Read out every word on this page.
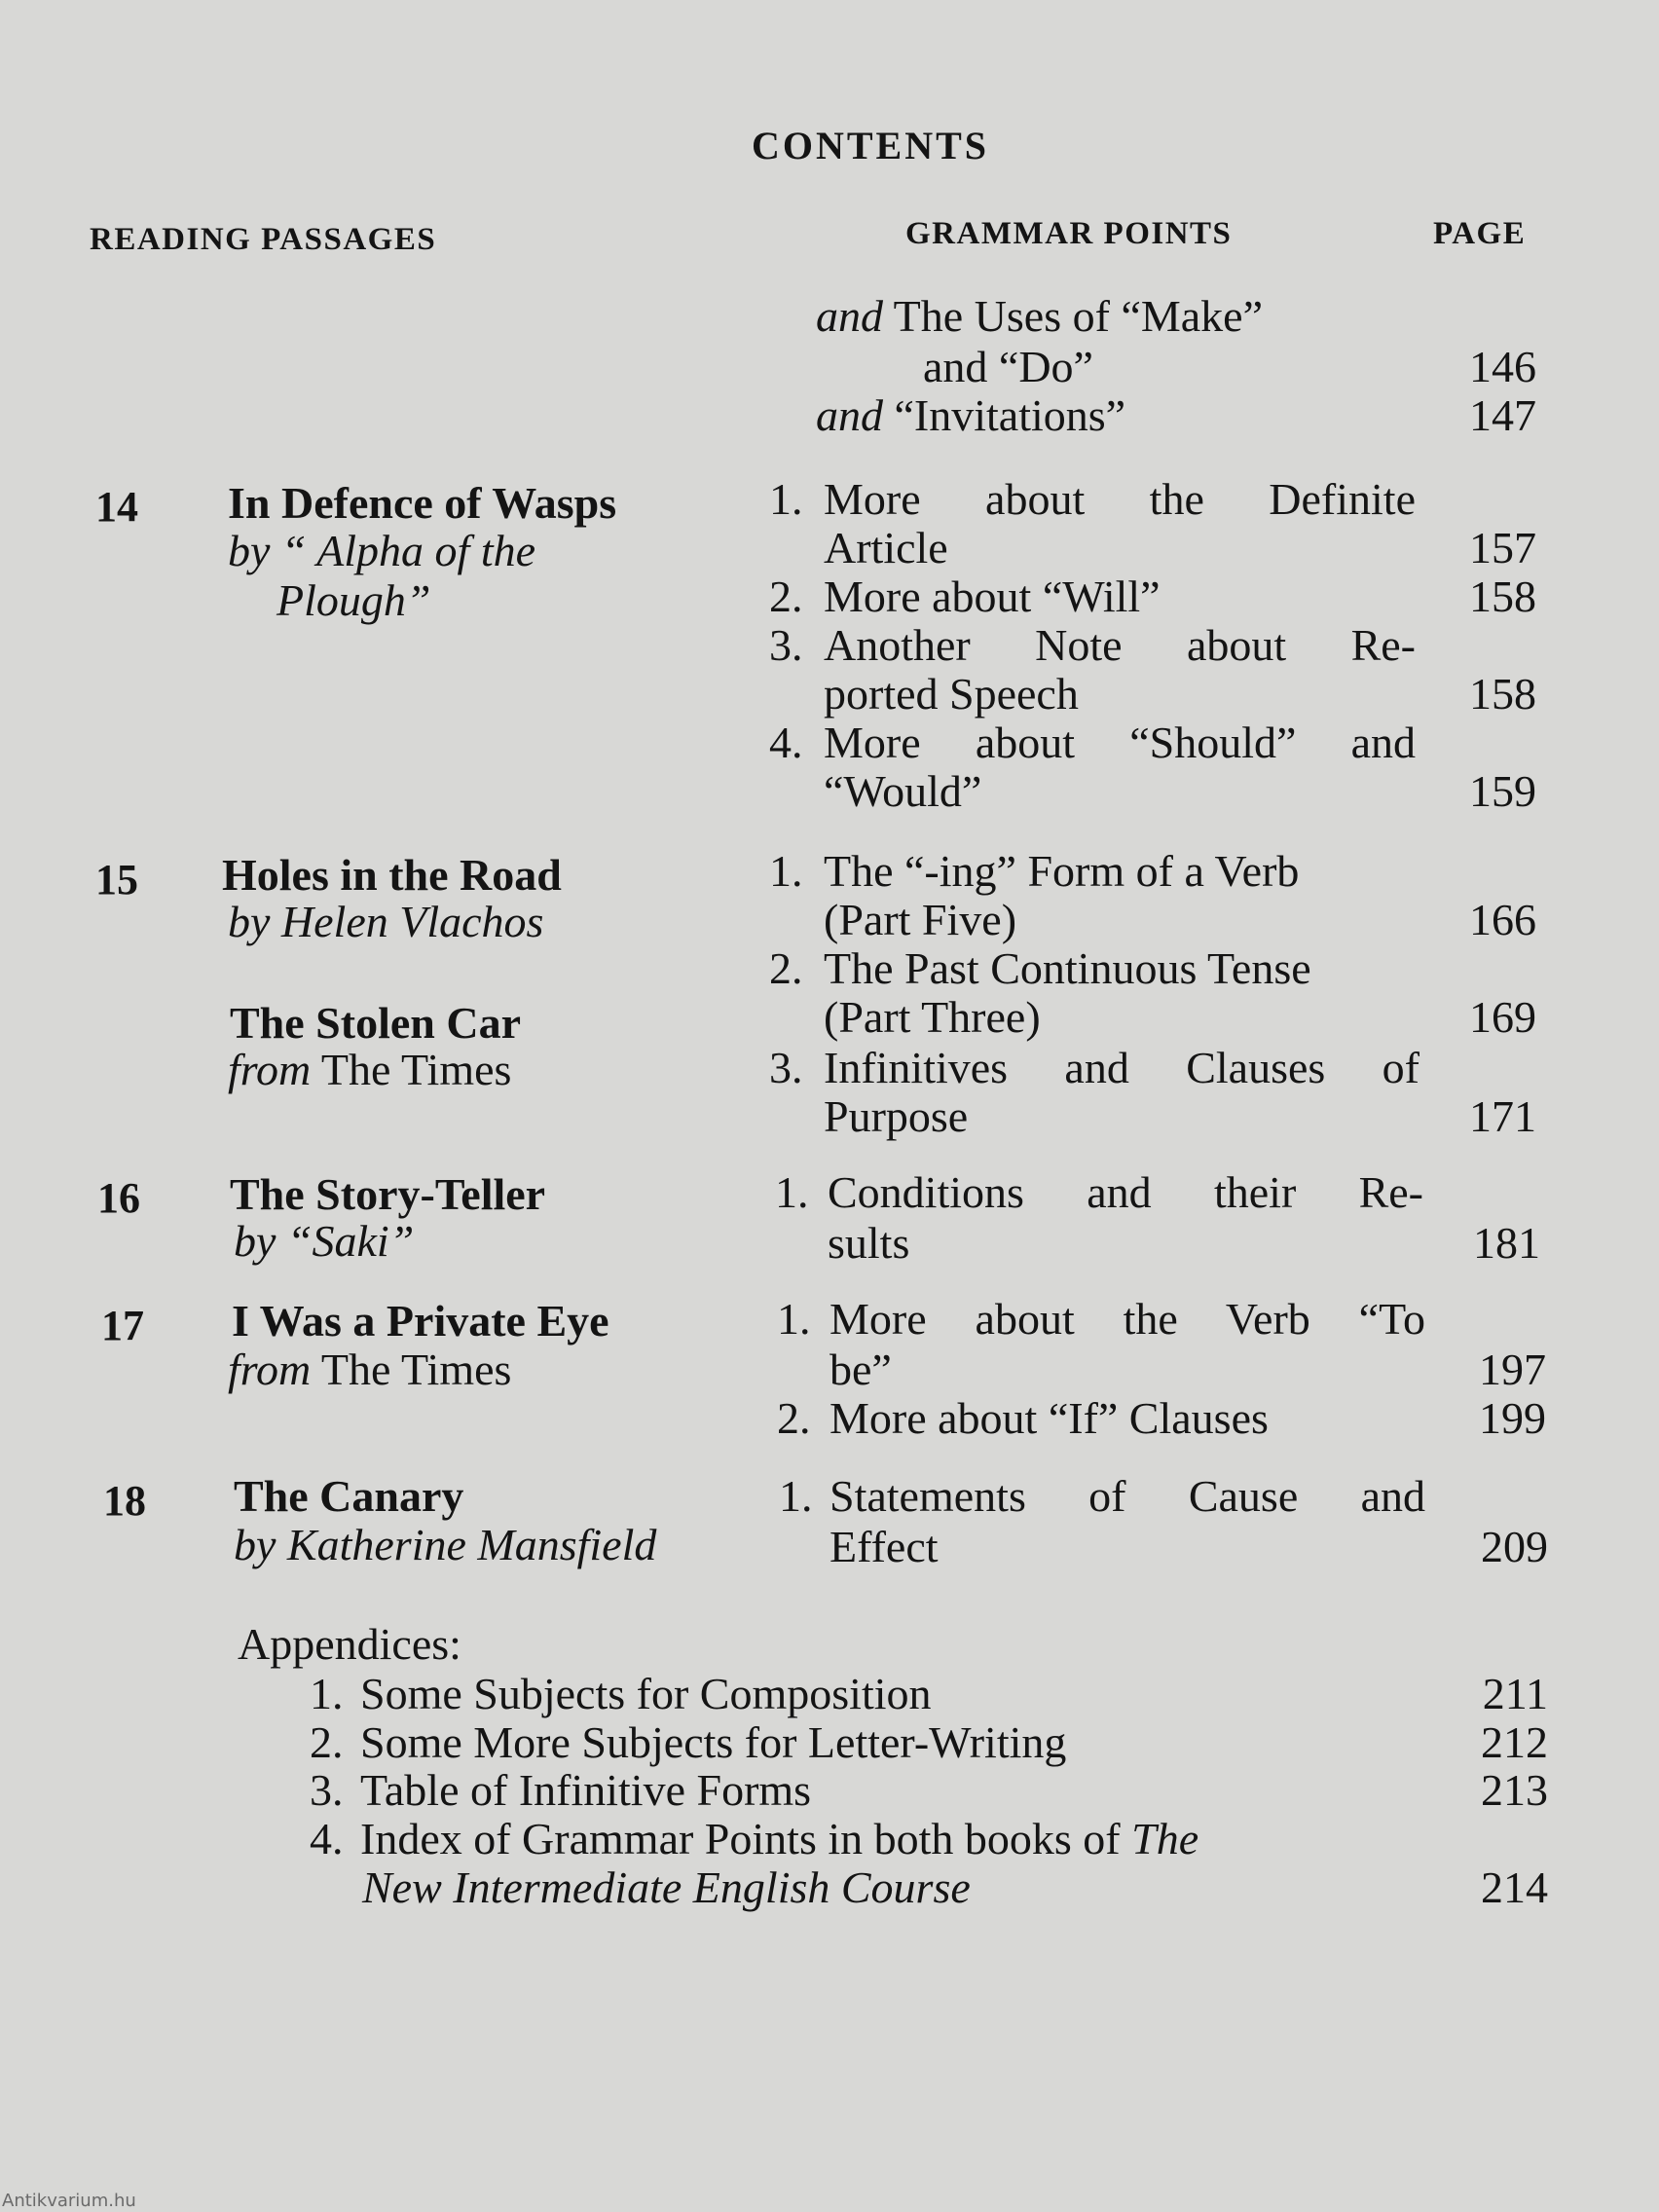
CONTENTS
READING PASSAGES	GRAMMAR POINTS	PAGE
and The Uses of “Make”
and “Do”	146
and “Invitations”	147
14 In Defence of Wasps
by “ Alpha of the
Plough”
1. More about the Definite
Article	157
2. More about “Will”	158
3. Another Note about Re-
ported Speech	158
4. More about “Should” and
“Would”	159
15 Holes in the Road
by Helen Vlachos
The Stolen Car
from The Times
1. The “-ing” Form of a Verb
(Part Five)	166
2. The Past Continuous Tense
(Part Three)	169
3. Infinitives and Clauses of
Purpose	171
16 The Story-Teller
by “Saki”
1. Conditions and their Re-
sults	181
17 I Was a Private Eye
from The Times
1. More about the Verb “To
be”	197
2. More about “If” Clauses	199
18 The Canary
by Katherine Mansfield
1. Statements of Cause and
Effect	209
Appendices:
1. Some Subjects for Composition	211
2. Some More Subjects for Letter-Writing	212
3. Table of Infinitive Forms	213
4. Index of Grammar Points in both books of The
New Intermediate English Course	214
Antikvarium.hu
